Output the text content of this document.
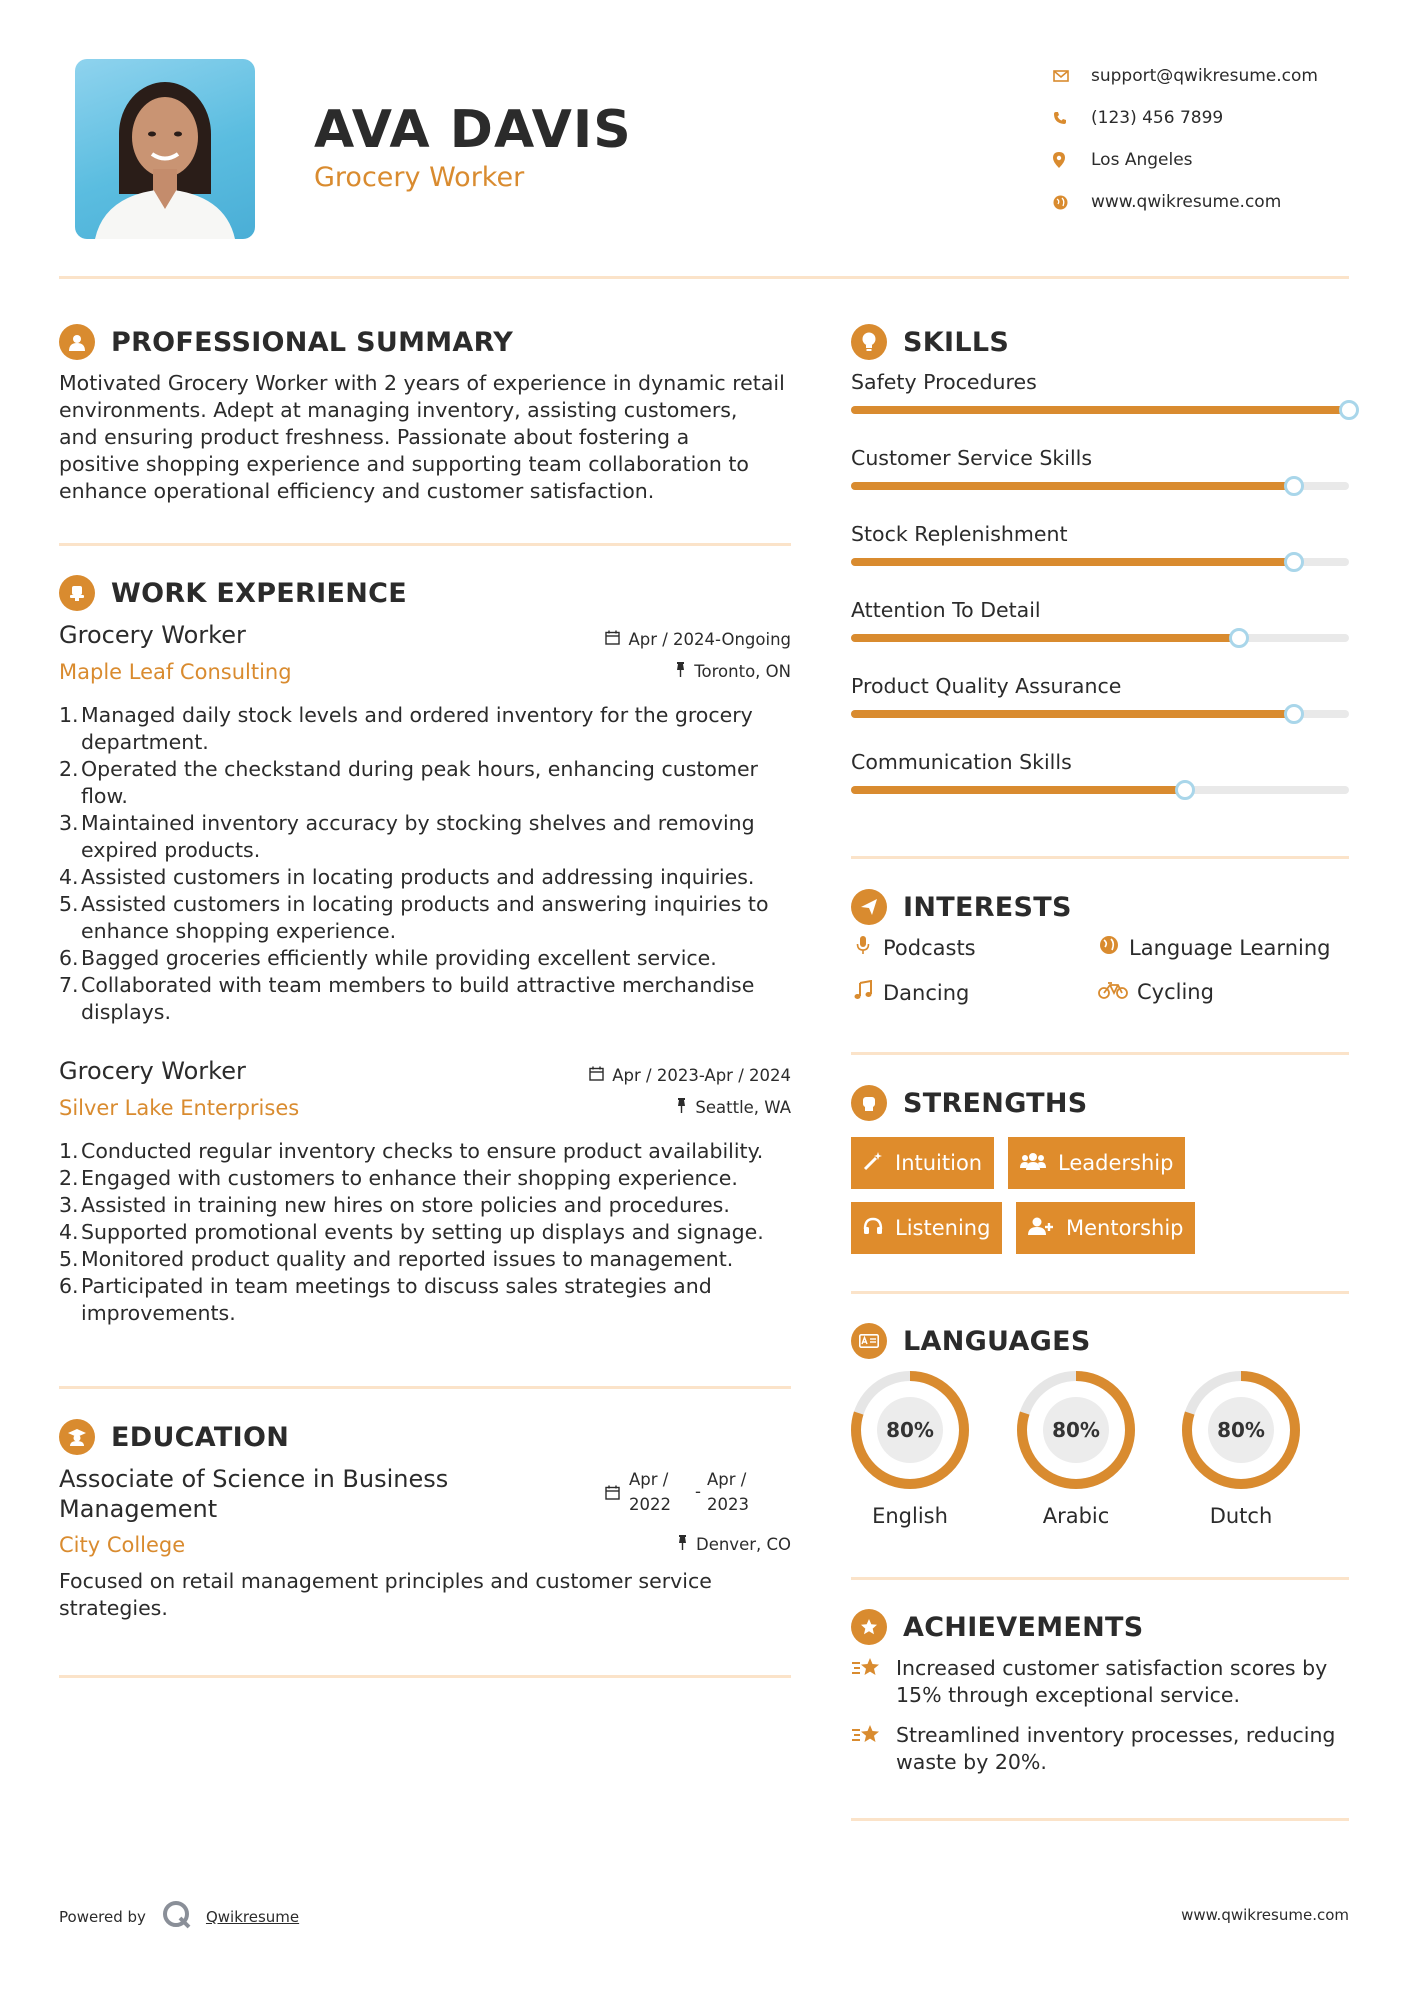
AVA DAVIS
Grocery Worker
support@qwikresume.com
(123) 456 7899
Los Angeles
www.qwikresume.com
PROFESSIONAL SUMMARY
Motivated Grocery Worker with 2 years of experience in dynamic retail
environments. Adept at managing inventory, assisting customers,
and ensuring product freshness. Passionate about fostering a
positive shopping experience and supporting team collaboration to
enhance operational efficiency and customer satisfaction.
WORK EXPERIENCE
Grocery Worker
Maple Leaf Consulting
Apr / 2024-Ongoing
Toronto, ON
1. Managed daily stock levels and ordered inventory for the grocery
department.
2. Operated the checkstand during peak hours, enhancing customer
flow.
3. Maintained inventory accuracy by stocking shelves and removing
expired products.
4. Assisted customers in locating products and addressing inquiries.
5. Assisted customers in locating products and answering inquiries to
enhance shopping experience.
6. Bagged groceries efficiently while providing excellent service.
7. Collaborated with team members to build attractive merchandise
displays.
Grocery Worker
Silver Lake Enterprises
Apr / 2023-Apr / 2024
Seattle, WA
1. Conducted regular inventory checks to ensure product availability.
2. Engaged with customers to enhance their shopping experience.
3. Assisted in training new hires on store policies and procedures.
4. Supported promotional events by setting up displays and signage.
5. Monitored product quality and reported issues to management.
6. Participated in team meetings to discuss sales strategies and
improvements.
EDUCATION
Associate of Science in Business
Management
City College
Apr /
2022
-
Apr /
2023
Denver, CO
Focused on retail management principles and customer service
strategies.
SKILLS
Safety Procedures
Customer Service Skills
Stock Replenishment
Attention To Detail
Product Quality Assurance
Communication Skills
INTERESTS
Podcasts	Language Learning
Dancing	Cycling
STRENGTHS
Intuition	Leadership
Listening	Mentorship
LANGUAGES
80%
English
80%
Arabic
80%
Dutch
ACHIEVEMENTS
Increased customer satisfaction scores by
15% through exceptional service.
Streamlined inventory processes, reducing
waste by 20%.
Powered by	Qwikresume	www.qwikresume.com
